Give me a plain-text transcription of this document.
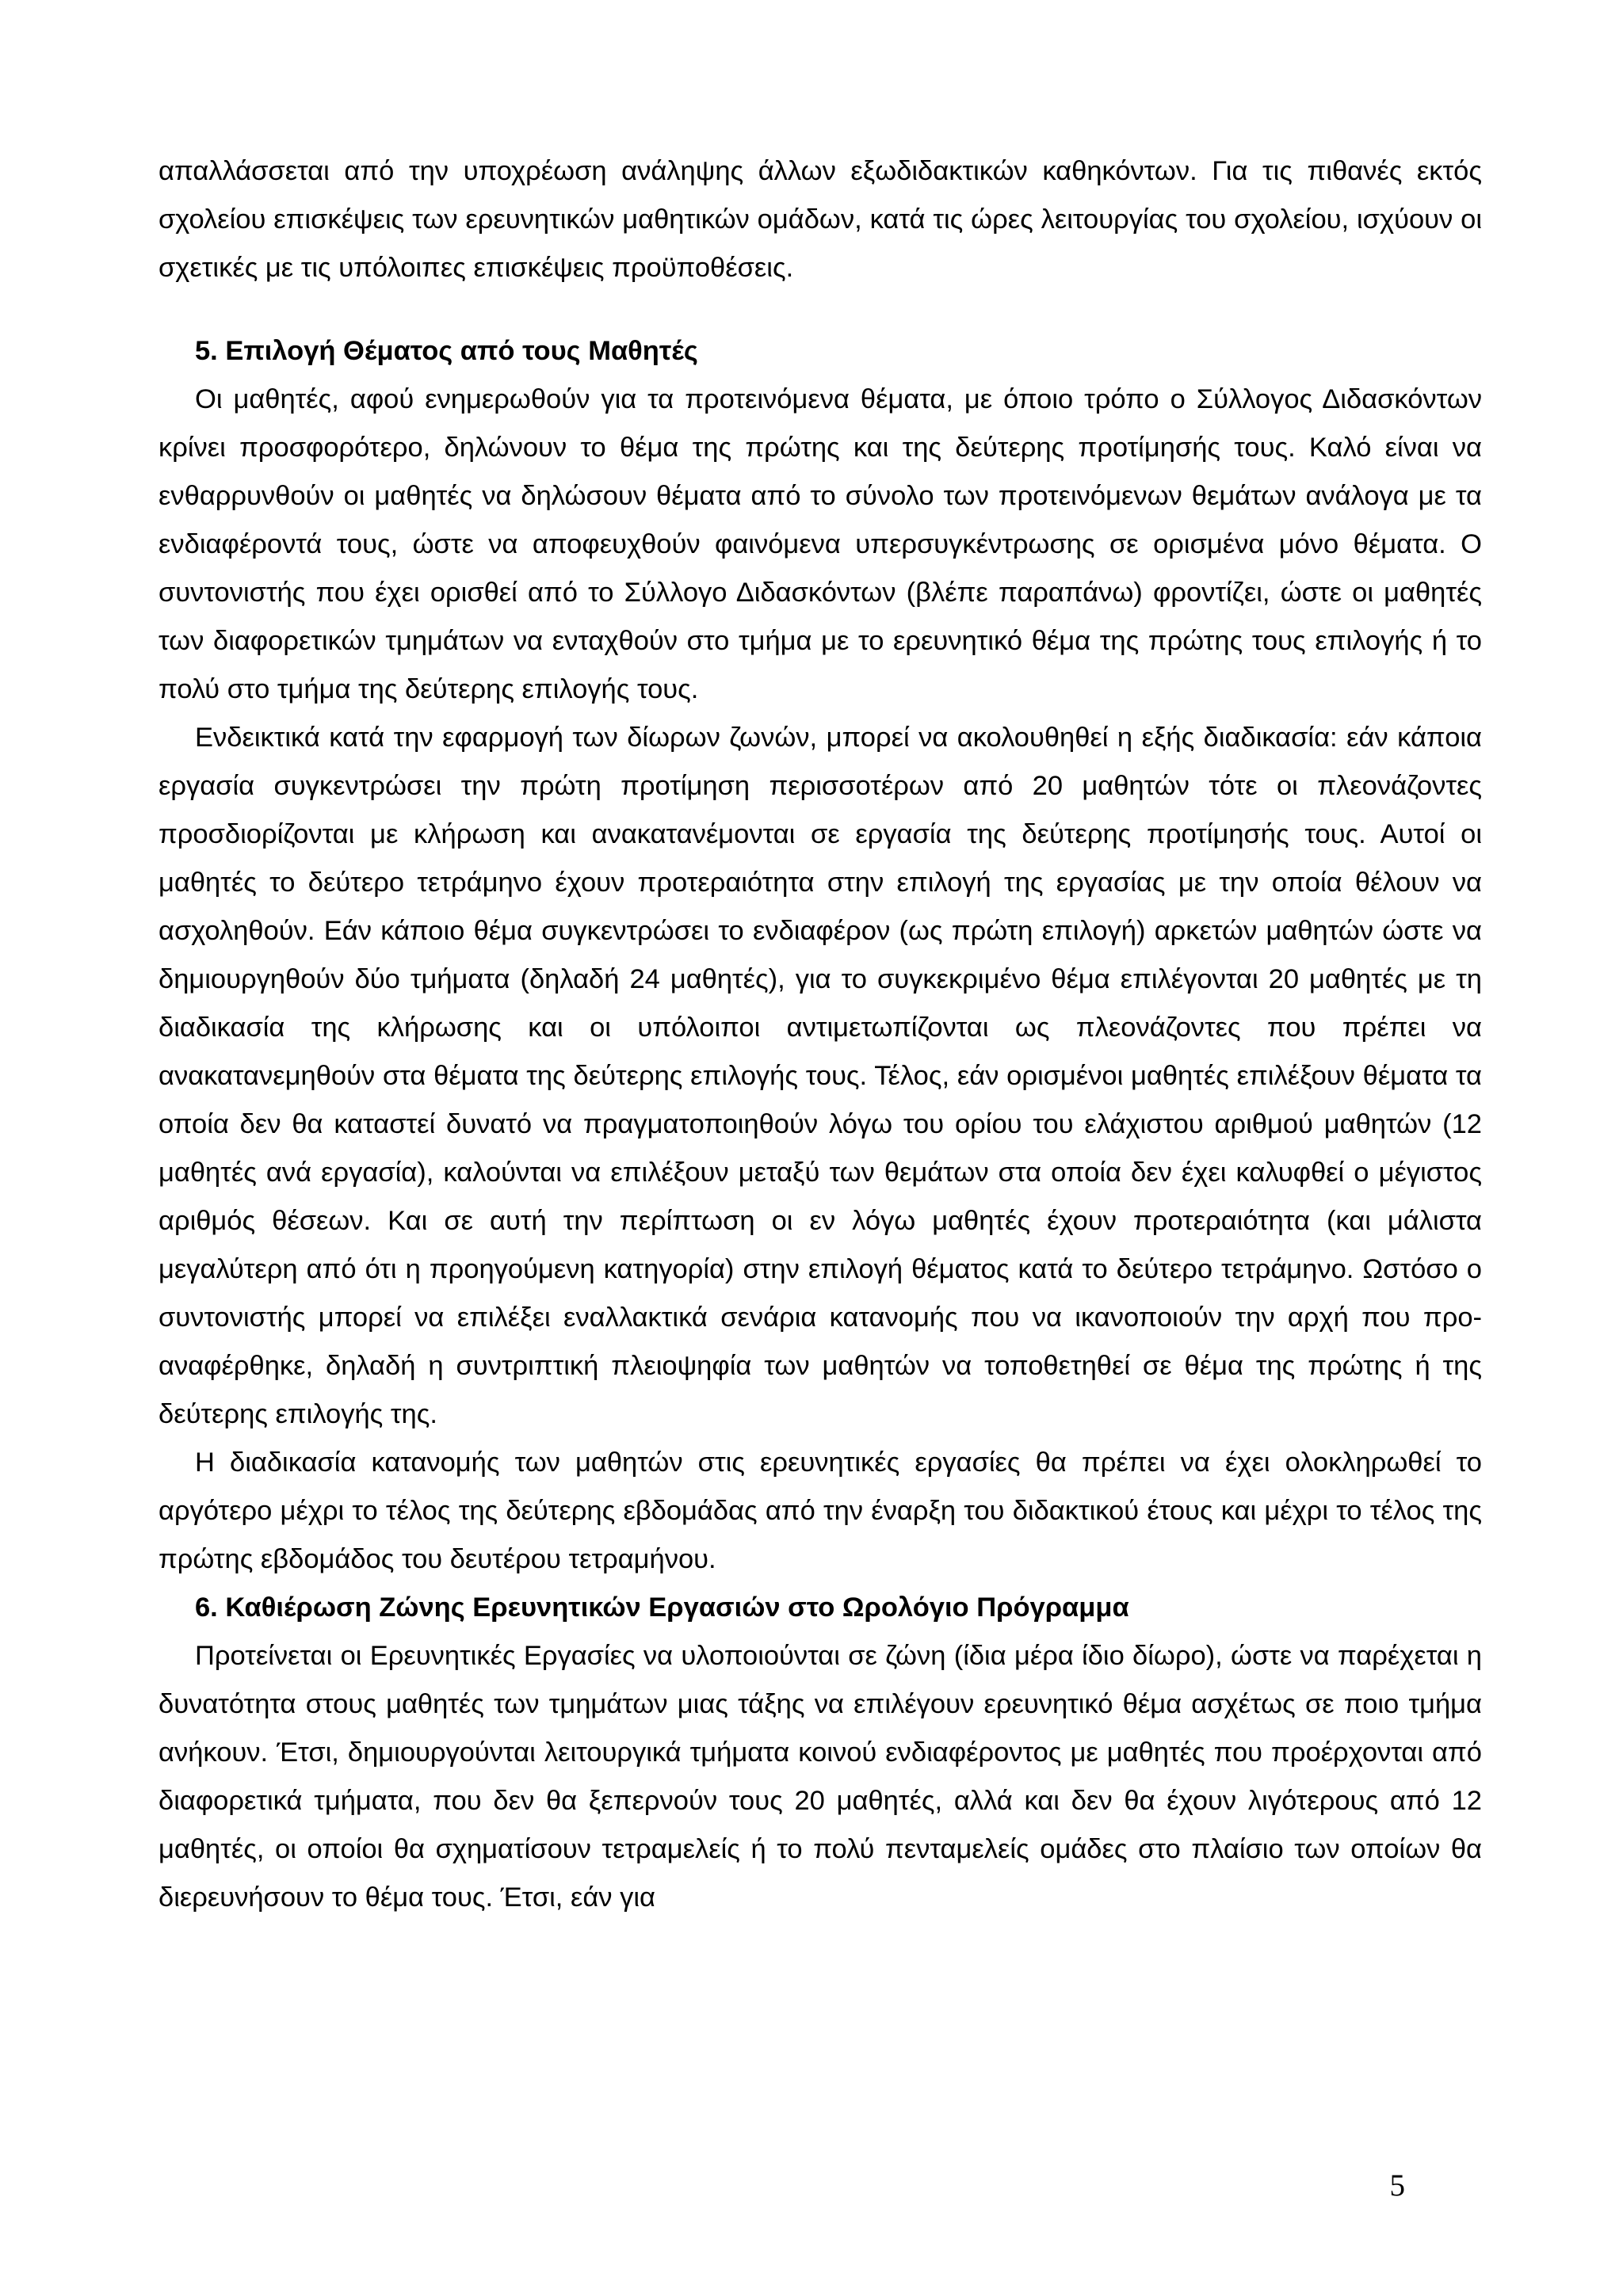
απαλλάσσεται από την υποχρέωση ανάληψης άλλων εξωδιδακτικών καθηκόντων. Για τις πιθανές εκτός σχολείου επισκέψεις των ερευνητικών μαθητικών ομάδων, κατά τις ώρες λειτουργίας του σχολείου, ισχύουν οι σχετικές με τις υπόλοιπες επισκέψεις προϋποθέσεις.

5. Επιλογή Θέματος από τους Μαθητές

Οι μαθητές, αφού ενημερωθούν για τα προτεινόμενα θέματα, με όποιο τρόπο ο Σύλλογος Διδασκόντων κρίνει προσφορότερο, δηλώνουν το θέμα της πρώτης και της δεύτερης προτίμησής τους. Καλό είναι να ενθαρρυνθούν οι μαθητές να δηλώσουν θέματα από το σύνολο των προτεινόμενων θεμάτων ανάλογα με τα ενδιαφέροντά τους, ώστε να αποφευχθούν φαινόμενα υπερσυγκέντρωσης σε ορισμένα μόνο θέματα. Ο συντονιστής που έχει ορισθεί από το Σύλλογο Διδασκόντων (βλέπε παραπάνω) φροντίζει, ώστε οι μαθητές των διαφορετικών τμημάτων να ενταχθούν στο τμήμα με το ερευνητικό θέμα της πρώτης τους επιλογής ή το πολύ στο τμήμα της δεύτερης επιλογής τους.

Ενδεικτικά κατά την εφαρμογή των δίωρων ζωνών, μπορεί να ακολουθηθεί η εξής διαδικασία: εάν κάποια εργασία συγκεντρώσει την πρώτη προτίμηση περισσοτέρων από 20 μαθητών τότε οι πλεονάζοντες προσδιορίζονται με κλήρωση και ανακατανέμονται σε εργασία της δεύτερης προτίμησής τους. Αυτοί οι μαθητές το δεύτερο τετράμηνο έχουν προτεραιότητα στην επιλογή της εργασίας με την οποία θέλουν να ασχοληθούν. Εάν κάποιο θέμα συγκεντρώσει το ενδιαφέρον (ως πρώτη επιλογή) αρκετών μαθητών ώστε να δημιουργηθούν δύο τμήματα (δηλαδή 24 μαθητές), για το συγκεκριμένο θέμα επιλέγονται 20 μαθητές με τη διαδικασία της κλήρωσης και οι υπόλοιποι αντιμετωπίζονται ως πλεονάζοντες που πρέπει να ανακατανεμηθούν στα θέματα της δεύτερης επιλογής τους. Τέλος, εάν ορισμένοι μαθητές επιλέξουν θέματα τα οποία δεν θα καταστεί δυνατό να πραγματοποιηθούν λόγω του ορίου του ελάχιστου αριθμού μαθητών (12 μαθητές ανά εργασία), καλούνται να επιλέξουν μεταξύ των θεμάτων στα οποία δεν έχει καλυφθεί ο μέγιστος αριθμός θέσεων. Και σε αυτή την περίπτωση οι εν λόγω μαθητές έχουν προτεραιότητα (και μάλιστα μεγαλύτερη από ότι η προηγούμενη κατηγορία) στην επιλογή θέματος κατά το δεύτερο τετράμηνο. Ωστόσο ο συντονιστής μπορεί να επιλέξει εναλλακτικά σενάρια κατανομής που να ικανοποιούν την αρχή που προ-αναφέρθηκε, δηλαδή η συντριπτική πλειοψηφία των μαθητών να τοποθετηθεί σε θέμα της πρώτης ή της δεύτερης επιλογής της.

Η διαδικασία κατανομής των μαθητών στις ερευνητικές εργασίες θα πρέπει να έχει ολοκληρωθεί το αργότερο μέχρι το τέλος της δεύτερης εβδομάδας από την έναρξη του διδακτικού έτους και μέχρι το τέλος της πρώτης εβδομάδος του δευτέρου τετραμήνου.

6. Καθιέρωση Ζώνης Ερευνητικών Εργασιών στο Ωρολόγιο Πρόγραμμα

Προτείνεται οι Ερευνητικές Εργασίες να υλοποιούνται σε ζώνη (ίδια μέρα ίδιο δίωρο), ώστε να παρέχεται η δυνατότητα στους μαθητές των τμημάτων μιας τάξης να επιλέγουν ερευνητικό θέμα ασχέτως σε ποιο τμήμα ανήκουν. Έτσι, δημιουργούνται λειτουργικά τμήματα κοινού ενδιαφέροντος με μαθητές που προέρχονται από διαφορετικά τμήματα, που δεν θα ξεπερνούν τους 20 μαθητές, αλλά και δεν θα έχουν λιγότερους από 12 μαθητές, οι οποίοι θα σχηματίσουν τετραμελείς ή το πολύ πενταμελείς ομάδες στο πλαίσιο των οποίων θα διερευνήσουν το θέμα τους. Έτσι, εάν για

5
